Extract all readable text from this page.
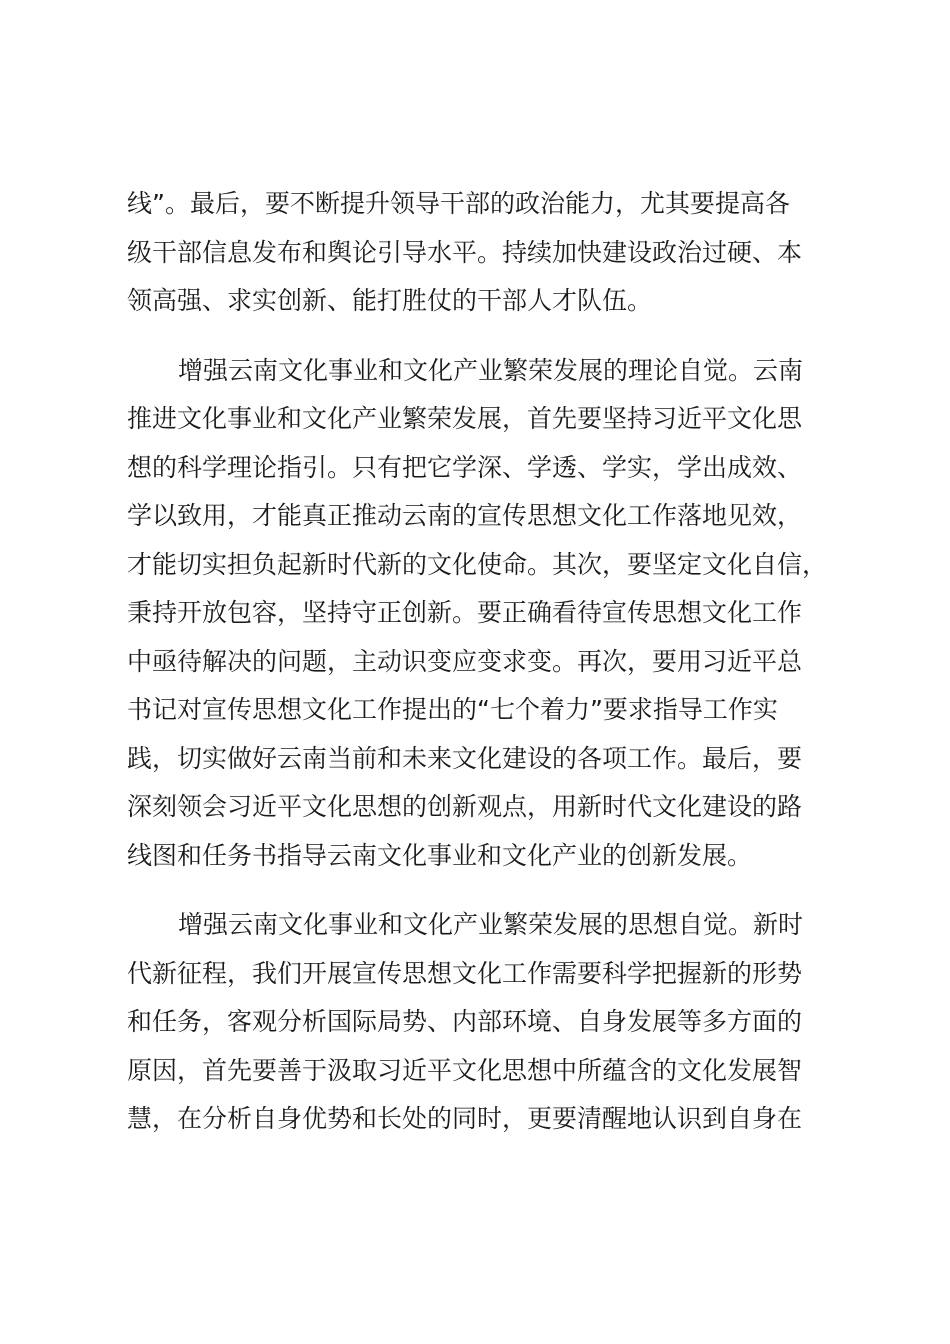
线”。最后，要不断提升领导干部的政治能力，尤其要提高各
级干部信息发布和舆论引导水平。持续加快建设政治过硬、本
领高强、求实创新、能打胜仗的干部人才队伍。
增强云南文化事业和文化产业繁荣发展的理论自觉。云南
推进文化事业和文化产业繁荣发展，首先要坚持习近平文化思
想的科学理论指引。只有把它学深、学透、学实，学出成效、
学以致用，才能真正推动云南的宣传思想文化工作落地见效，
才能切实担负起新时代新的文化使命。其次，要坚定文化自信，
秉持开放包容，坚持守正创新。要正确看待宣传思想文化工作
中亟待解决的问题，主动识变应变求变。再次，要用习近平总
书记对宣传思想文化工作提出的“七个着力”要求指导工作实
践，切实做好云南当前和未来文化建设的各项工作。最后，要
深刻领会习近平文化思想的创新观点，用新时代文化建设的路
线图和任务书指导云南文化事业和文化产业的创新发展。
增强云南文化事业和文化产业繁荣发展的思想自觉。新时
代新征程，我们开展宣传思想文化工作需要科学把握新的形势
和任务，客观分析国际局势、内部环境、自身发展等多方面的
原因，首先要善于汲取习近平文化思想中所蕴含的文化发展智
慧，在分析自身优势和长处的同时，更要清醒地认识到自身在
